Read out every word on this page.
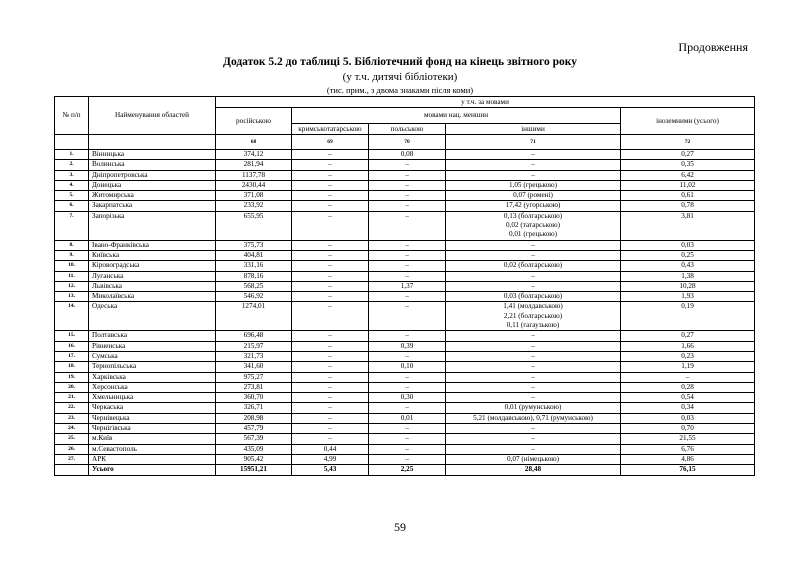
Продовження
Додаток 5.2 до таблиці 5. Бібліотечний фонд на кінець звітного року
(у т.ч. дитячі бібліотеки)
(тис. прим., з двома знаками після коми)
№ п/п	Найменування областей	у т.ч. за мовами				
		російською	мовами нац. меншин			іноземними (усього)
			кримськотатарською	польською	іншими	
		68	69	70	71	72
1.	Вінницька	374,12	–	0,08	–	0,27
2.	Волинська	281,94	–	–	–	0,35
3.	Дніпропетровська	1137,78	–	–	–	6,42
4.	Донецька	2430,44	–	–	1,05 (грецькою)	11,02
5.	Житомирська	371,08	–	–	0,07 (ромені)	0,61
6.	Закарпатська	233,92	–	–	17,42 (угорською)	0,78
7.	Запорізька	655,95	–	–	0,13 (болгарською)
0,02 (татарською)
0,01 (грецькою)	3,81
8.	Івано-Франківська	375,73	–	–	–	0,03
9.	Київська	404,81	–	–	–	0,25
10.	Кіровоградська	331,16	–	–	0,02 (болгарською)	0,43
11.	Луганська	878,16	–	–	–	1,38
12.	Львівська	568,25	–	1,37	–	10,28
13.	Миколаївська	546,92	–	–	0,03 (болгарською)	1,93
14.	Одеська	1274,01	–	–	1,41 (молдавською)
2,21 (болгарською)
0,11 (гагаузькою)	0,19
15.	Полтавська	696,48	–	–	–	0,27
16.	Рівненська	215,97	–	0,39	–	1,66
17.	Сумська	321,73	–	–	–	0,23
18.	Тернопільська	341,60	–	0,10	–	1,19
19.	Харківська	975,27	–	–	–	–
20.	Херсонська	273,81	–	–	–	0,28
21.	Хмельницька	360,70	–	0,30	–	0,54
22.	Черкаська	326,71	–	–	0,01 (румунською)	0,34
23.	Чернівецька	208,98	–	0,01	5,21 (молдавською), 0,71 (румунською)	0,03
24.	Чернігівська	457,79	–	–	–	0,70
25.	м.Київ	567,39	–	–	–	21,55
26.	м.Севастополь	435,09	0,44	–	–	6,76
27.	АРК	905,42	4,99	–	0,07 (німецькою)	4,86
	Усього	15951,21	5,43	2,25	28,48	76,15
59
